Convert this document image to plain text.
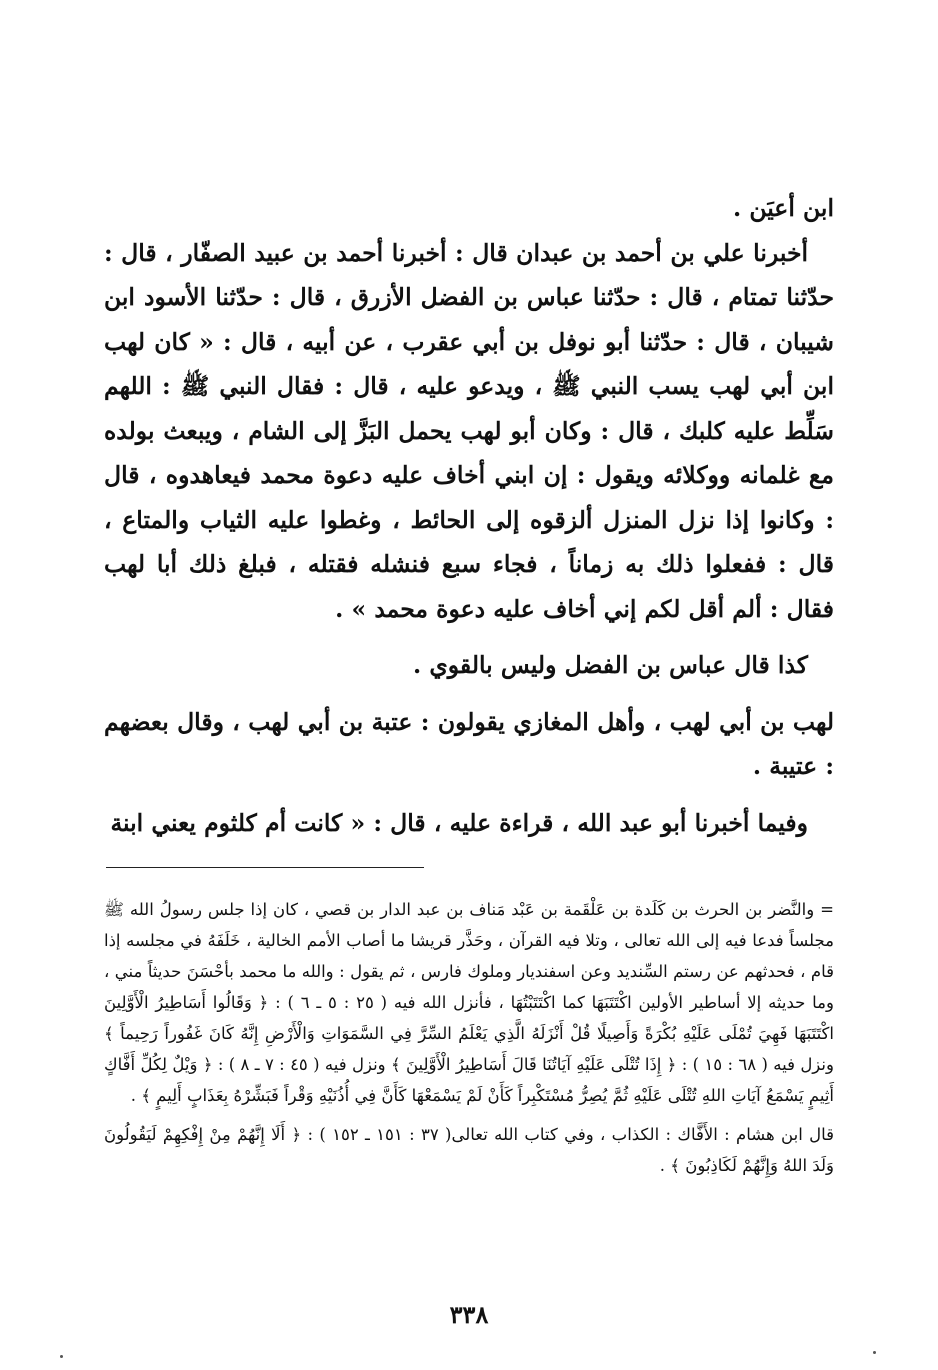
ابن أعيَن .

أخبرنا علي بن أحمد بن عبدان قال : أخبرنا أحمد بن عبيد الصفّار ، قال : حدّثنا تمتام ، قال : حدّثنا عباس بن الفضل الأزرق ، قال : حدّثنا الأسود ابن شيبان ، قال : حدّثنا أبو نوفل بن أبي عقرب ، عن أبيه ، قال : « كان لهب ابن أبي لهب يسب النبي ﷺ ، ويدعو عليه ، قال : فقال النبي ﷺ : اللهم سَلِّط عليه كلبك ، قال : وكان أبو لهب يحمل البَزَّ إلى الشام ، ويبعث بولده مع غلمانه ووكلائه ويقول : إن ابني أخاف عليه دعوة محمد فيعاهدوه ، قال : وكانوا إذا نزل المنزل ألزقوه إلى الحائط ، وغطوا عليه الثياب والمتاع ، قال : ففعلوا ذلك به زماناً ، فجاء سبع فنشله فقتله ، فبلغ ذلك أبا لهب فقال : ألم أقل لكم إني أخاف عليه دعوة محمد » .

كذا قال عباس بن الفضل وليس بالقوي .

لهب بن أبي لهب ، وأهل المغازي يقولون : عتبة بن أبي لهب ، وقال بعضهم : عتيبة .

وفيما أخبرنا أبو عبد الله ، قراءة عليه ، قال : « كانت أم كلثوم يعني ابنة

= والنَّضر بن الحرث بن كَلَدة بن عَلْقَمة بن عَبْد مَناف بن عبد الدار بن قصي ، كان إذا جلس رسولُ الله ﷺ مجلساً فدعا فيه إلى الله تعالى ، وتلا فيه القرآن ، وحَذَّر قريشا ما أصاب الأمم الخالية ، خَلَفَهُ في مجلسه إذا قام ، فحدثهم عن رستم السِّنديد وعن اسفنديار وملوك فارس ، ثم يقول : والله ما محمد بأحْسَنَ حديثاً مني ، وما حديثه إلا أساطير الأولين اكْتَتَبَهَا كما اكْتَتَبْتُهَا ، فأنزل الله فيه ( ٢٥ : ٥ ـ ٦ ) : ﴿ وَقَالُوا أَسَاطِيرُ الْأَوَّلِينَ اكْتَتَبَهَا فَهِيَ تُمْلَى عَلَيْهِ بُكْرَةً وَأَصِيلًا قُلْ أَنْزَلَهُ الَّذِي يَعْلَمُ السِّرَّ فِي السَّمَوَاتِ وَالْأَرْضِ إِنَّهُ كَانَ غَفُوراً رَحِيماً ﴾ ونزل فيه ( ٦٨ : ١٥ ) : ﴿ إِذَا تُتْلَى عَلَيْهِ آيَاتُنَا قَالَ أَسَاطِيرُ الْأَوَّلِينَ ﴾ ونزل فيه ( ٤٥ : ٧ ـ ٨ ) : ﴿ وَيْلٌ لِكُلِّ أَفَّاكٍ أَثِيمٍ يَسْمَعُ آيَاتِ اللهِ تُتْلَى عَلَيْهِ ثُمَّ يُصِرُّ مُسْتَكْبِراً كَأَنْ لَمْ يَسْمَعْهَا كَأَنَّ فِي أُذُنَيْهِ وَقْراً فَبَشِّرْهُ بِعَذَابٍ أَلِيمٍ ﴾ .

قال ابن هشام : الأَفَّاك : الكذاب ، وفي كتاب الله تعالى( ٣٧ : ١٥١ ـ ١٥٢ ) : ﴿ أَلَا إِنَّهُمْ مِنْ إِفْكِهِمْ لَيَقُولُونَ وَلَدَ اللهُ وَإِنَّهُمْ لَكَاذِبُونَ ﴾ .

٣٣٨
